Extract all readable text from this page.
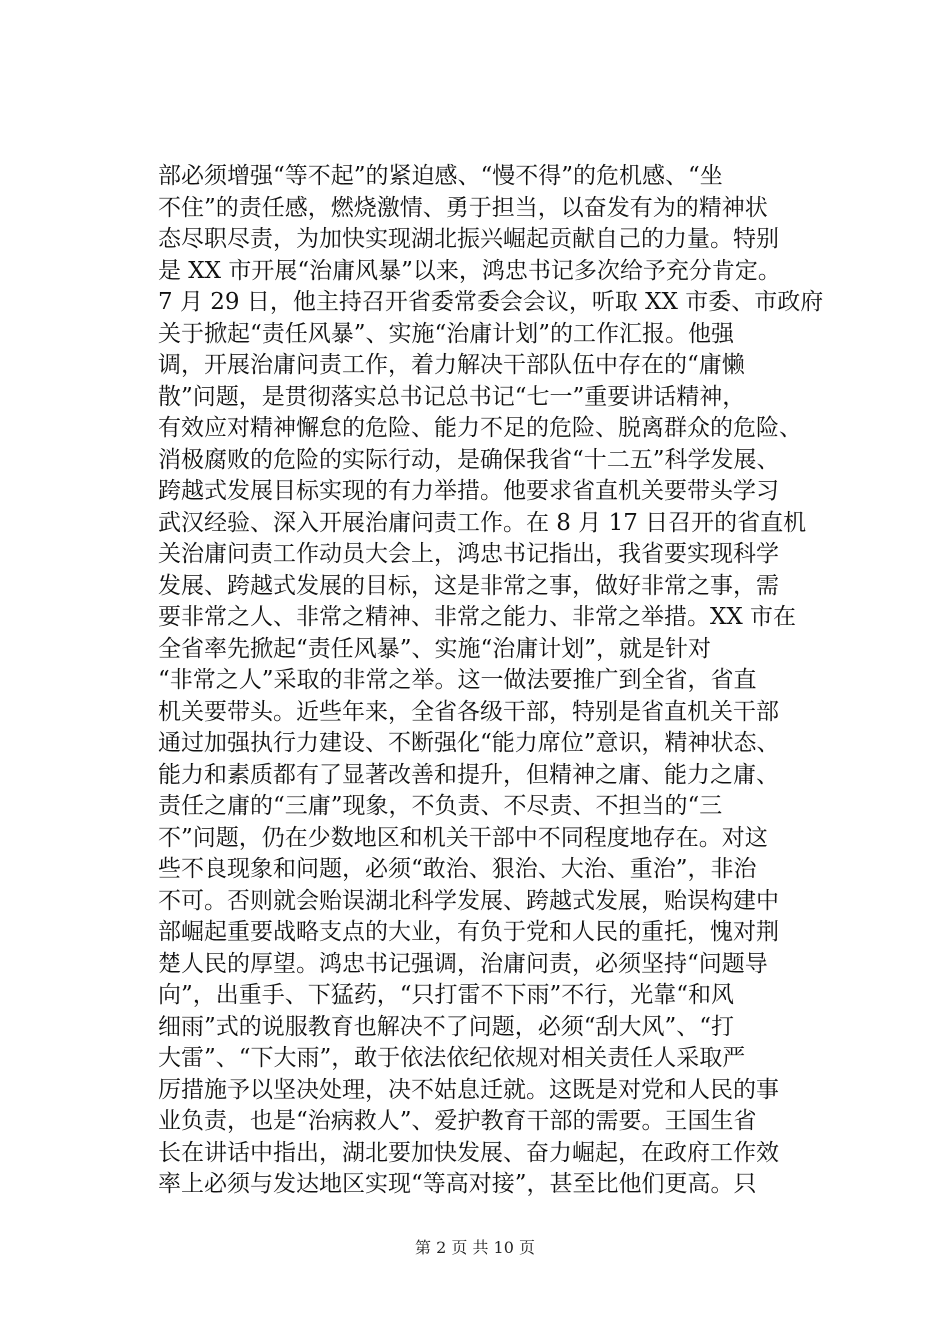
部必须增强“等不起”的紧迫感、“慢不得”的危机感、“坐
不住”的责任感，燃烧激情、勇于担当，以奋发有为的精神状
态尽职尽责，为加快实现湖北振兴崛起贡献自己的力量。特别
是 XX 市开展“治庸风暴”以来，鸿忠书记多次给予充分肯定。
7 月 29 日，他主持召开省委常委会会议，听取 XX 市委、市政府
关于掀起“责任风暴”、实施“治庸计划”的工作汇报。他强
调，开展治庸问责工作，着力解决干部队伍中存在的“庸懒
散”问题，是贯彻落实总书记总书记“七一”重要讲话精神，
有效应对精神懈怠的危险、能力不足的危险、脱离群众的危险、
消极腐败的危险的实际行动，是确保我省“十二五”科学发展、
跨越式发展目标实现的有力举措。他要求省直机关要带头学习
武汉经验、深入开展治庸问责工作。在 8 月 17 日召开的省直机
关治庸问责工作动员大会上，鸿忠书记指出，我省要实现科学
发展、跨越式发展的目标，这是非常之事，做好非常之事，需
要非常之人、非常之精神、非常之能力、非常之举措。XX 市在
全省率先掀起“责任风暴”、实施“治庸计划”，就是针对
“非常之人”采取的非常之举。这一做法要推广到全省，省直
机关要带头。近些年来，全省各级干部，特别是省直机关干部
通过加强执行力建设、不断强化“能力席位”意识，精神状态、
能力和素质都有了显著改善和提升，但精神之庸、能力之庸、
责任之庸的“三庸”现象，不负责、不尽责、不担当的“三
不”问题，仍在少数地区和机关干部中不同程度地存在。对这
些不良现象和问题，必须“敢治、狠治、大治、重治”，非治
不可。否则就会贻误湖北科学发展、跨越式发展，贻误构建中
部崛起重要战略支点的大业，有负于党和人民的重托，愧对荆
楚人民的厚望。鸿忠书记强调，治庸问责，必须坚持“问题导
向”，出重手、下猛药，“只打雷不下雨”不行，光靠“和风
细雨”式的说服教育也解决不了问题，必须“刮大风”、“打
大雷”、“下大雨”，敢于依法依纪依规对相关责任人采取严
厉措施予以坚决处理，决不姑息迁就。这既是对党和人民的事
业负责，也是“治病救人”、爱护教育干部的需要。王国生省
长在讲话中指出，湖北要加快发展、奋力崛起，在政府工作效
率上必须与发达地区实现“等高对接”，甚至比他们更高。只
第 2 页 共 10 页
